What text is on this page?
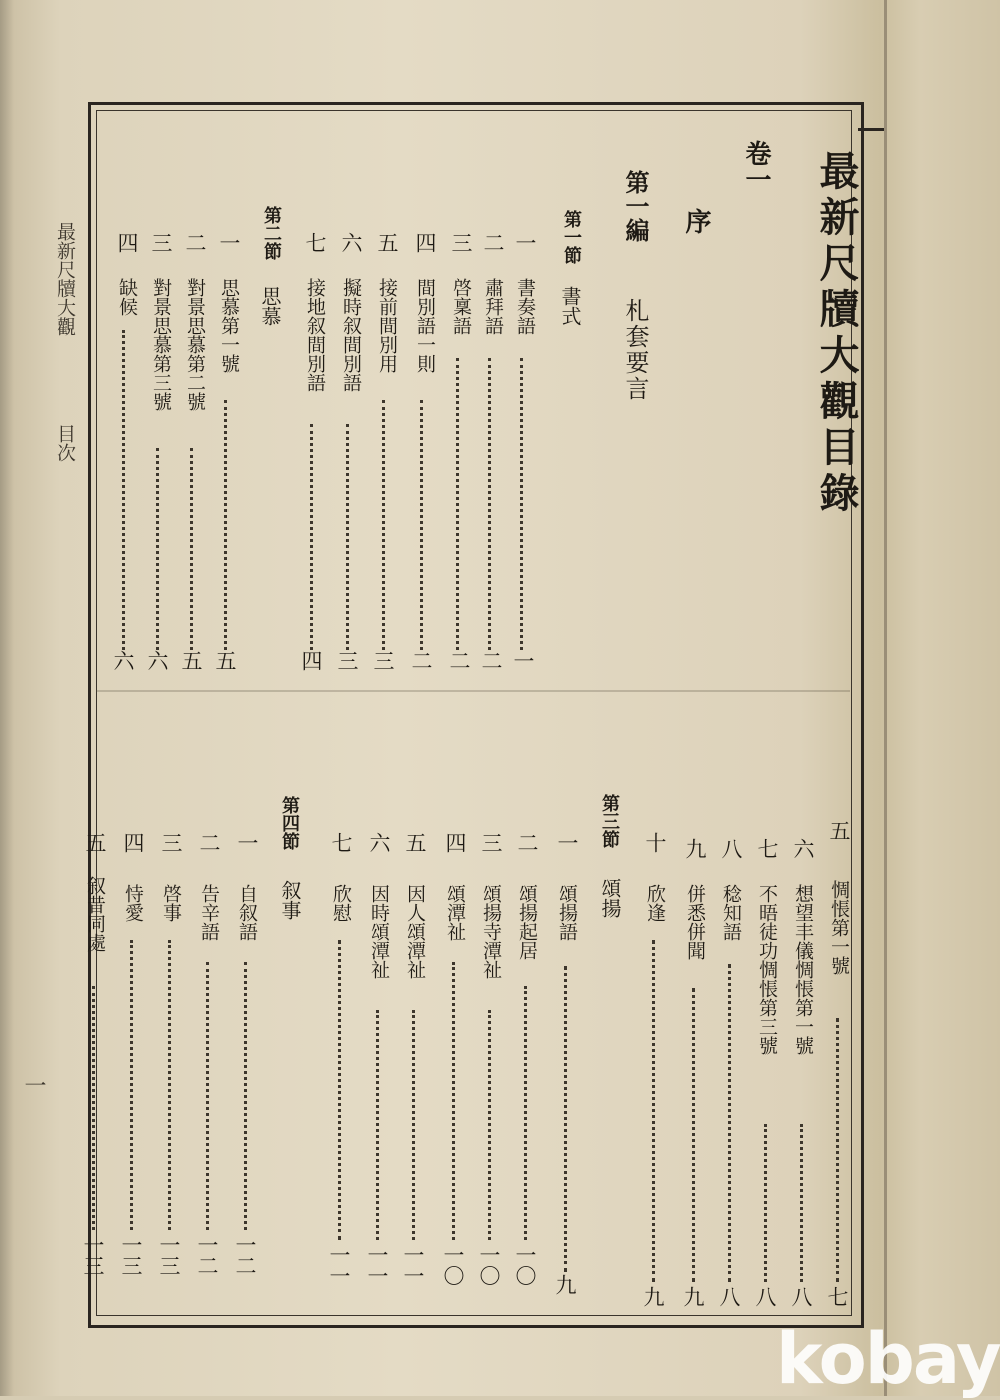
最新尺牘大觀目錄
卷一
序
第一編
札套要言
第一節
書式
第二節
思慕
第三節
頌揚
第四節
叙事
一
書奏語
一
二
肅拜語
二
三
啓稟語
二
四
間別語一則
二
五
接前間別用
三
六
擬時叙間別語
三
七
接地叙間別語
四
一
思慕第一號
五
二
對景思慕第二號
五
三
對景思慕第三號
六
四
缺候
六
五
惆悵第一號
七
六
想望丰儀惆悵第一號
八
七
不晤徒功惆悵第三號
八
八
稔知語
八
九
併悉併聞
九
十
欣逢
九
一
頌揚語
九
二
頌揚起居
一〇
三
頌揚寺潭祉
一〇
四
頌潭祉
一〇
五
因人頌潭祉
一一
六
因時頌潭祉
一一
七
欣慰
一一
一
自叙語
一二
二
告辛語
一二
三
啓事
一三
四
恃愛
一三
五
叙昔同處
一三
最新尺牘大觀
目次
一
kobay
